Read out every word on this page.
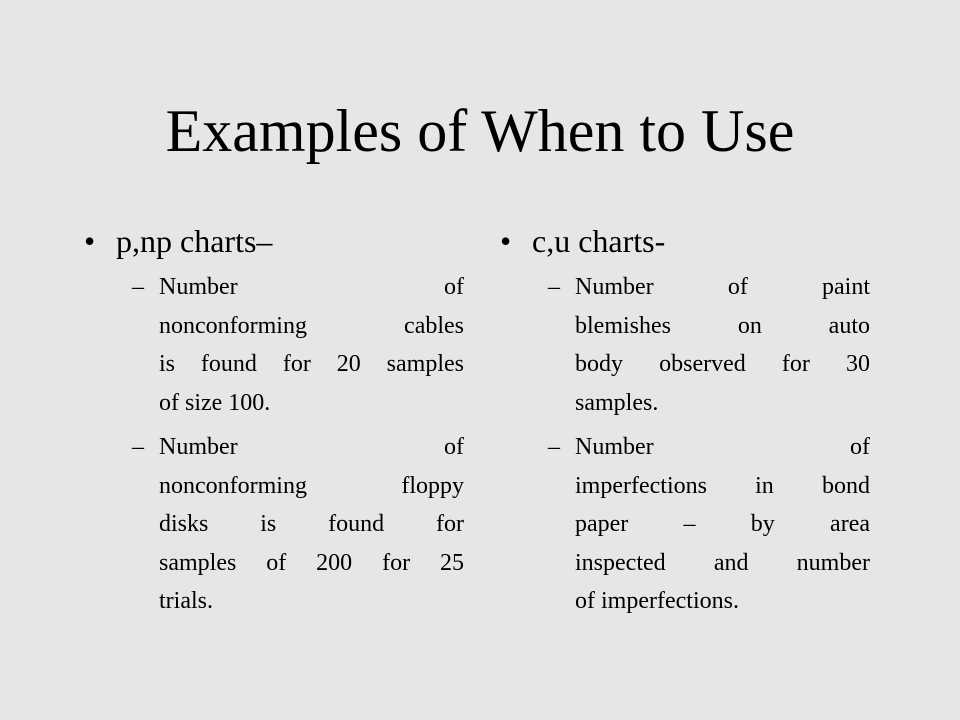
Examples of When to Use
• p,np charts–
– Number of
nonconforming cables
is found for 20 samples
of size 100.
– Number of
nonconforming floppy
disks is found for
samples of 200 for 25
trials.
• c,u charts-
– Number of paint
blemishes on auto
body observed for 30
samples.
– Number of
imperfections in bond
paper – by area
inspected and number
of imperfections.
